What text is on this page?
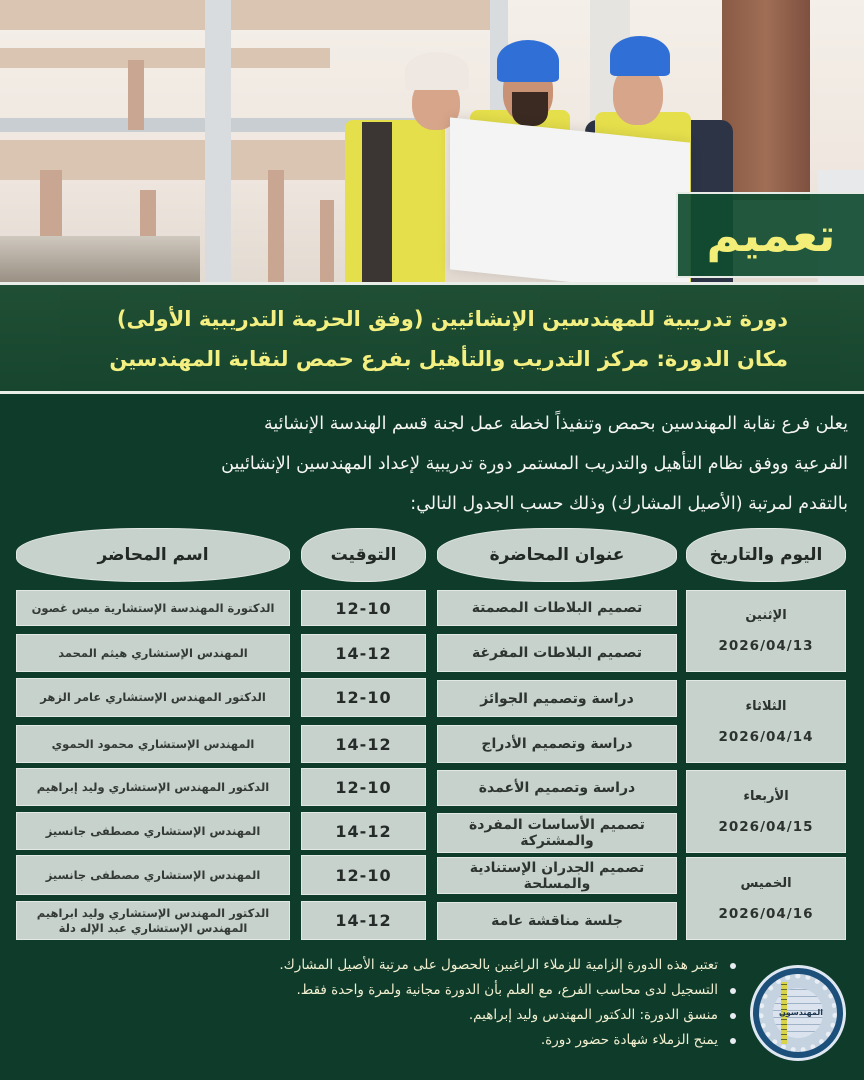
تعميم
دورة تدريبية للمهندسين الإنشائيين (وفق الحزمة التدريبية الأولى)
مكان الدورة: مركز التدريب والتأهيل بفرع حمص لنقابة المهندسين

يعلن فرع نقابة المهندسين بحمص وتنفيذاً لخطة عمل لجنة قسم الهندسة الإنشائية

الفرعية ووفق نظام التأهيل والتدريب المستمر دورة تدريبية لإعداد المهندسين الإنشائيين

بالتقدم لمرتبة (الأصيل المشارك) وذلك حسب الجدول التالي:

اليوم والتاريخ
عنوان المحاضرة
التوقيت
اسم المحاضر
الإثنين
2026/04/13
الثلاثاء
2026/04/14
الأربعاء
2026/04/15
الخميس
2026/04/16
تصميم البلاطات المصمتة
12-10
الدكتورة المهندسة الإستشارية ميس غصون
تصميم البلاطات المفرغة
14-12
المهندس الإستشاري هيثم المحمد
دراسة وتصميم الجوائز
12-10
الدكتور المهندس الإستشاري عامر الزهر
دراسة وتصميم الأدراج
14-12
المهندس الإستشاري محمود الحموي
دراسة وتصميم الأعمدة
12-10
الدكتور المهندس الإستشاري وليد إبراهيم
تصميم الأساسات المفردة والمشتركة
14-12
المهندس الإستشاري مصطفى جانسيز
تصميم الجدران الإستنادية والمسلحة
12-10
المهندس الإستشاري مصطفى جانسيز
جلسة مناقشة عامة
14-12
الدكتور المهندس الإستشاري وليد ابراهيم
المهندس الإستشاري عبد الإله دلة
تعتبر هذه الدورة إلزامية للزملاء الراغبين بالحصول على مرتبة الأصيل المشارك.
التسجيل لدى محاسب الفرع، مع العلم بأن الدورة مجانية ولمرة واحدة فقط.
منسق الدورة: الدكتور المهندس وليد إبراهيم.
يمنح الزملاء شهادة حضور دورة.
المهندسون
